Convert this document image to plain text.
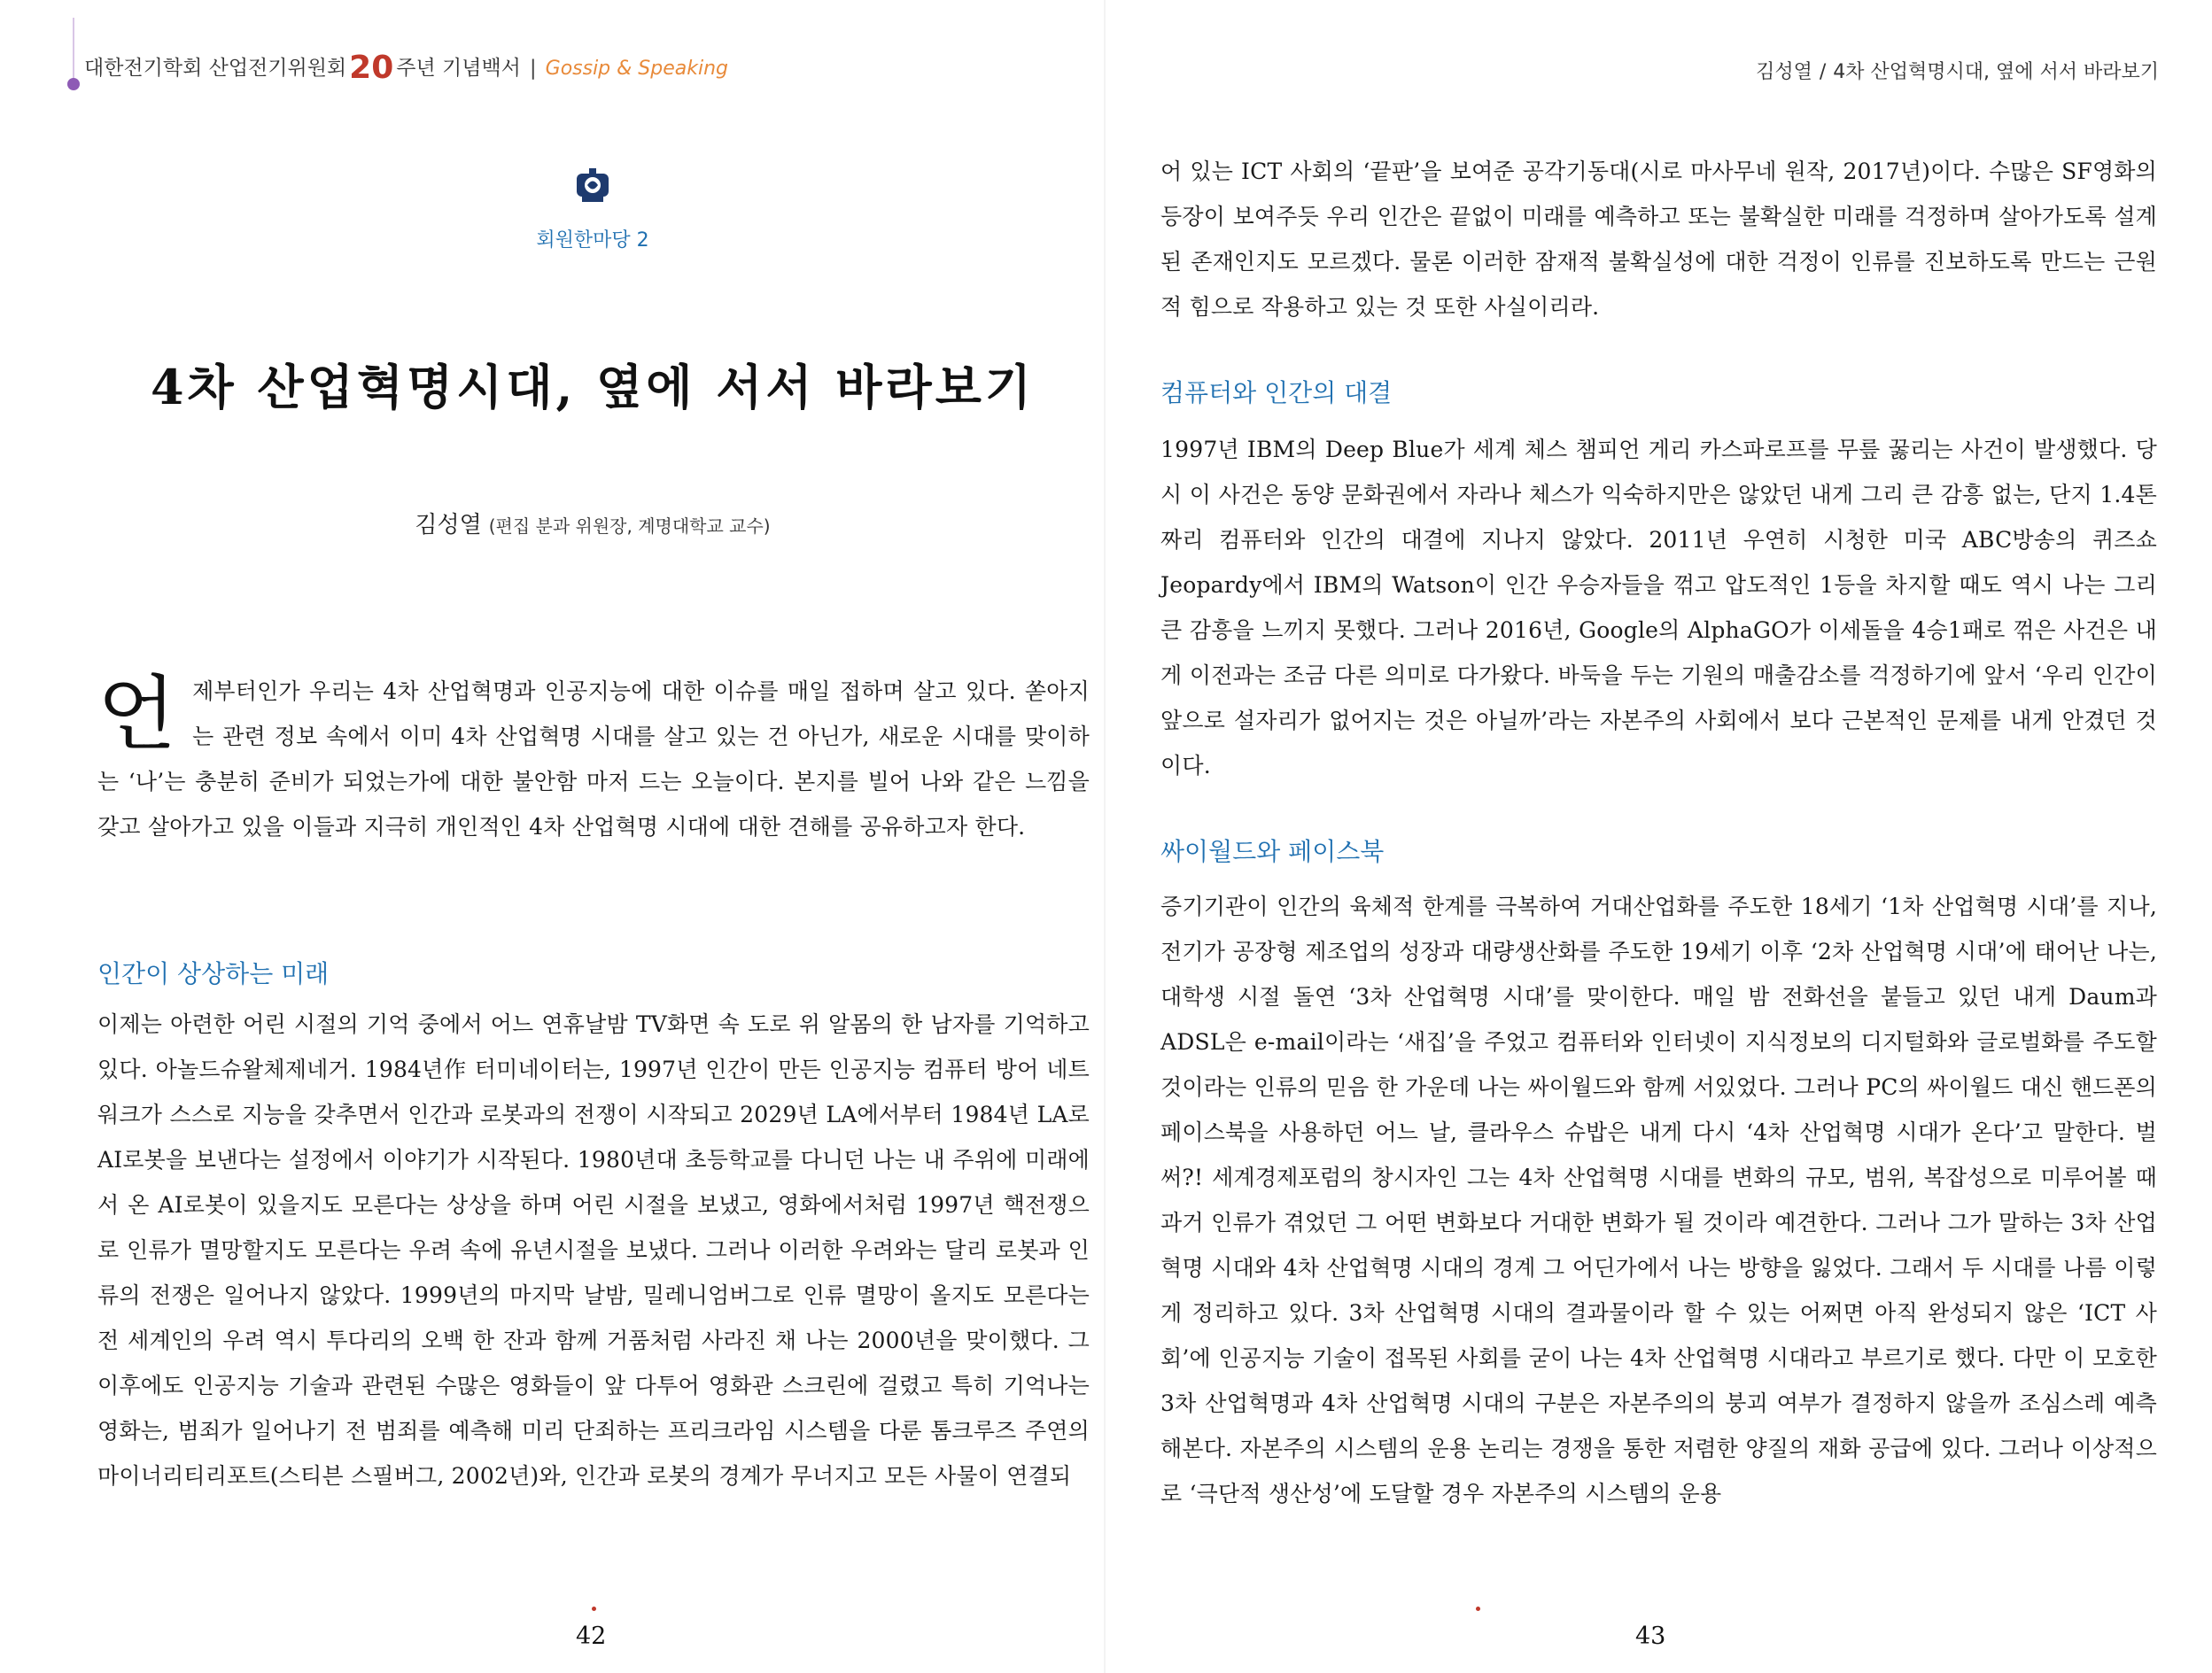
대한전기학회 산업전기위원회20 주년 기념백서 | Gossip & Speaking
회원한마당 2
4차 산업혁명시대, 옆에 서서 바라보기
김성열 (편집 분과 위원장, 계명대학교 교수)
언 제부터인가 우리는 4차 산업혁명과 인공지능에 대한 이슈를 매일 접하며 살고 있다. 쏟아지는 관련 정보 속에서 이미 4차 산업혁명 시대를 살고 있는 건 아닌가, 새로운 시대를 맞이하는 ‘나’는 충분히 준비가 되었는가에 대한 불안함 마저 드는 오늘이다. 본지를 빌어 나와 같은 느낌을 갖고 살아가고 있을 이들과 지극히 개인적인 4차 산업혁명 시대에 대한 견해를 공유하고자 한다.

인간이 상상하는 미래

이제는 아련한 어린 시절의 기억 중에서 어느 연휴날밤 TV화면 속 도로 위 알몸의 한 남자를 기억하고 있다. 아놀드슈왈체제네거. 1984년作 터미네이터는, 1997년 인간이 만든 인공지능 컴퓨터 방어 네트워크가 스스로 지능을 갖추면서 인간과 로봇과의 전쟁이 시작되고 2029년 LA에서부터 1984년 LA로 AI로봇을 보낸다는 설정에서 이야기가 시작된다. 1980년대 초등학교를 다니던 나는 내 주위에 미래에서 온 AI로봇이 있을지도 모른다는 상상을 하며 어린 시절을 보냈고, 영화에서처럼 1997년 핵전쟁으로 인류가 멸망할지도 모른다는 우려 속에 유년시절을 보냈다. 그러나 이러한 우려와는 달리 로봇과 인류의 전쟁은 일어나지 않았다. 1999년의 마지막 날밤, 밀레니엄버그로 인류 멸망이 올지도 모른다는 전 세계인의 우려 역시 투다리의 오백 한 잔과 함께 거품처럼 사라진 채 나는 2000년을 맞이했다. 그 이후에도 인공지능 기술과 관련된 수많은 영화들이 앞 다투어 영화관 스크린에 걸렸고 특히 기억나는 영화는, 범죄가 일어나기 전 범죄를 예측해 미리 단죄하는 프리크라임 시스템을 다룬 톰크루즈 주연의 마이너리티리포트(스티븐 스필버그, 2002년)와, 인간과 로봇의 경계가 무너지고 모든 사물이 연결되

42
김성열 / 4차 산업혁명시대, 옆에 서서 바라보기

어 있는 ICT 사회의 ‘끝판’을 보여준 공각기동대(시로 마사무네 원작, 2017년)이다. 수많은 SF영화의 등장이 보여주듯 우리 인간은 끝없이 미래를 예측하고 또는 불확실한 미래를 걱정하며 살아가도록 설계된 존재인지도 모르겠다. 물론 이러한 잠재적 불확실성에 대한 걱정이 인류를 진보하도록 만드는 근원적 힘으로 작용하고 있는 것 또한 사실이리라.

컴퓨터와 인간의 대결

1997년 IBM의 Deep Blue가 세계 체스 챔피언 게리 카스파로프를 무릎 꿇리는 사건이 발생했다. 당시 이 사건은 동양 문화권에서 자라나 체스가 익숙하지만은 않았던 내게 그리 큰 감흥 없는, 단지 1.4톤짜리 컴퓨터와 인간의 대결에 지나지 않았다. 2011년 우연히 시청한 미국 ABC방송의 퀴즈쇼 Jeopardy에서 IBM의 Watson이 인간 우승자들을 꺾고 압도적인 1등을 차지할 때도 역시 나는 그리 큰 감흥을 느끼지 못했다. 그러나 2016년, Google의 AlphaGO가 이세돌을 4승1패로 꺾은 사건은 내게 이전과는 조금 다른 의미로 다가왔다. 바둑을 두는 기원의 매출감소를 걱정하기에 앞서 ‘우리 인간이 앞으로 설자리가 없어지는 것은 아닐까’라는 자본주의 사회에서 보다 근본적인 문제를 내게 안겼던 것이다.

싸이월드와 페이스북

증기기관이 인간의 육체적 한계를 극복하여 거대산업화를 주도한 18세기 ‘1차 산업혁명 시대’를 지나, 전기가 공장형 제조업의 성장과 대량생산화를 주도한 19세기 이후 ‘2차 산업혁명 시대’에 태어난 나는, 대학생 시절 돌연 ‘3차 산업혁명 시대’를 맞이한다. 매일 밤 전화선을 붙들고 있던 내게 Daum과 ADSL은 e-mail이라는 ‘새집’을 주었고 컴퓨터와 인터넷이 지식정보의 디지털화와 글로벌화를 주도할 것이라는 인류의 믿음 한 가운데 나는 싸이월드와 함께 서있었다. 그러나 PC의 싸이월드 대신 핸드폰의 페이스북을 사용하던 어느 날, 클라우스 슈밥은 내게 다시 ‘4차 산업혁명 시대가 온다’고 말한다. 벌써?! 세계경제포럼의 창시자인 그는 4차 산업혁명 시대를 변화의 규모, 범위, 복잡성으로 미루어볼 때 과거 인류가 겪었던 그 어떤 변화보다 거대한 변화가 될 것이라 예견한다. 그러나 그가 말하는 3차 산업혁명 시대와 4차 산업혁명 시대의 경계 그 어딘가에서 나는 방향을 잃었다. 그래서 두 시대를 나름 이렇게 정리하고 있다. 3차 산업혁명 시대의 결과물이라 할 수 있는 어쩌면 아직 완성되지 않은 ‘ICT 사회’에 인공지능 기술이 접목된 사회를 굳이 나는 4차 산업혁명 시대라고 부르기로 했다. 다만 이 모호한 3차 산업혁명과 4차 산업혁명 시대의 구분은 자본주의의 붕괴 여부가 결정하지 않을까 조심스레 예측해본다. 자본주의 시스템의 운용 논리는 경쟁을 통한 저렴한 양질의 재화 공급에 있다. 그러나 이상적으로 ‘극단적 생산성’에 도달할 경우 자본주의 시스템의 운용

43
